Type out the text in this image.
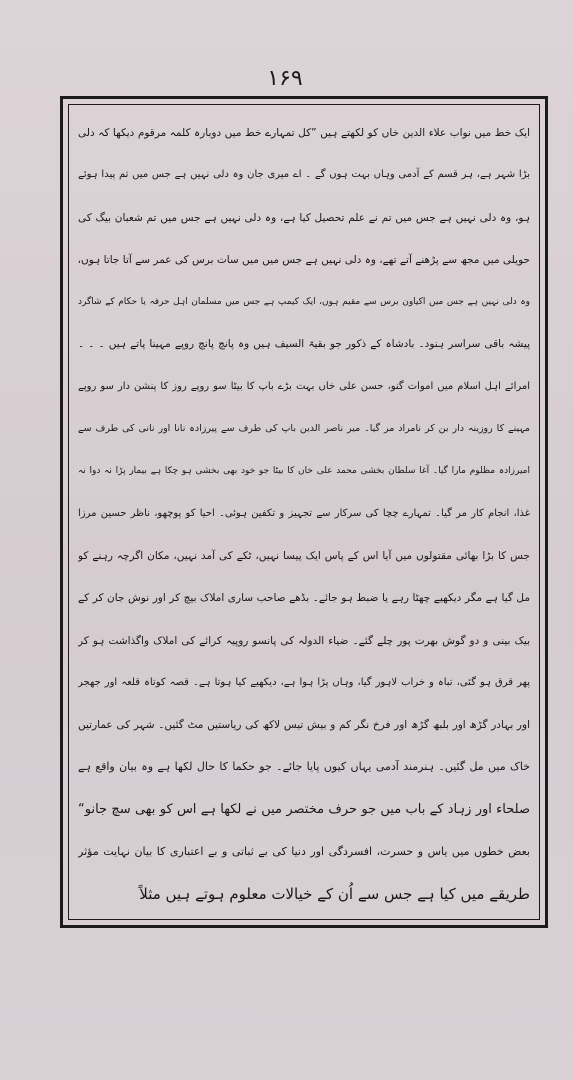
۱۶۹
ایک خط میں نواب علاء الدین خاں کو لکھتے ہیں ”کل تمہارے خط میں دوبارہ کلمہ مرقوم دیکھا کہ دلی
بڑا شہر ہے، ہر قسم کے آدمی وہاں بہت ہوں گے ۔ اے میری جان وہ دلی نہیں ہے جس میں تم پیدا ہوئے
ہو، وہ دلی نہیں ہے جس میں تم نے علم تحصیل کیا ہے، وہ دلی نہیں ہے جس میں تم شعبان بیگ کی
حویلی میں مجھ سے پڑھنے آتے تھے، وہ دلی نہیں ہے جس میں میں سات برس کی عمر سے آتا جاتا ہوں،
وہ دلی نہیں ہے جس میں اکیاون برس سے مقیم ہوں، ایک کیمپ ہے جس میں مسلمان اہل حرفہ یا حکام کے شاگرد
پیشہ باقی سراسر ہنود۔ بادشاہ کے ذکور جو بقیۃ السیف ہیں وہ پانچ پانچ روپے مہینا پاتے ہیں ۔ ۔ ۔
امرائے اہل اسلام میں اموات گنو، حسن علی خاں بہت بڑے باپ کا بیٹا سو روپے روز کا پنشن دار سو روپے
مہینے کا روزینہ دار بن کر نامراد مر گیا۔ میر ناصر الدین باپ کی طرف سے پیرزادہ نانا اور نانی کی طرف سے
امیرزادہ مظلوم مارا گیا۔ آغا سلطان بخشی محمد علی خاں کا بیٹا جو خود بھی بخشی ہو چکا ہے بیمار پڑا نہ دوا نہ
غذا، انجام کار مر گیا۔ تمہارے چچا کی سرکار سے تجہیز و تکفین ہوئی۔ احیا کو پوچھو، ناظر حسین مرزا
جس کا بڑا بھائی مقتولوں میں آیا اس کے پاس ایک پیسا نہیں، ٹکے کی آمد نہیں، مکان اگرچہ رہنے کو
مل گیا ہے مگر دیکھیے چھٹا رہے یا ضبط ہو جائے۔ بڈھے صاحب ساری املاک بیچ کر اور نوش جان کر کے
بیک بینی و دو گوش بھرت پور چلے گئے۔ ضیاء الدولہ کی پانسو روپیہ کرائے کی املاک واگذاشت ہو کر
پھر قرق ہو گئی، تباہ و خراب لاہور گیا، وہاں پڑا ہوا ہے، دیکھیے کیا ہوتا ہے۔ قصہ کوتاہ قلعہ اور جھجر
اور بہادر گڑھ اور بلبھ گڑھ اور فرخ نگر کم و بیش تیس لاکھ کی ریاستیں مٹ گئیں۔ شہر کی عمارتیں
خاک میں مل گئیں۔ ہنرمند آدمی یہاں کیوں پایا جائے۔ جو حکما کا حال لکھا ہے وہ بیان واقع ہے
صلحاء اور زہاد کے باب میں جو حرف مختصر میں نے لکھا ہے اس کو بھی سچ جانو“
بعض خطوں میں یاس و حسرت، افسردگی اور دنیا کی بے ثباتی و بے اعتباری کا بیان نہایت مؤثر
طریقے میں کیا ہے جس سے اُن کے خیالات معلوم ہوتے ہیں مثلاً
